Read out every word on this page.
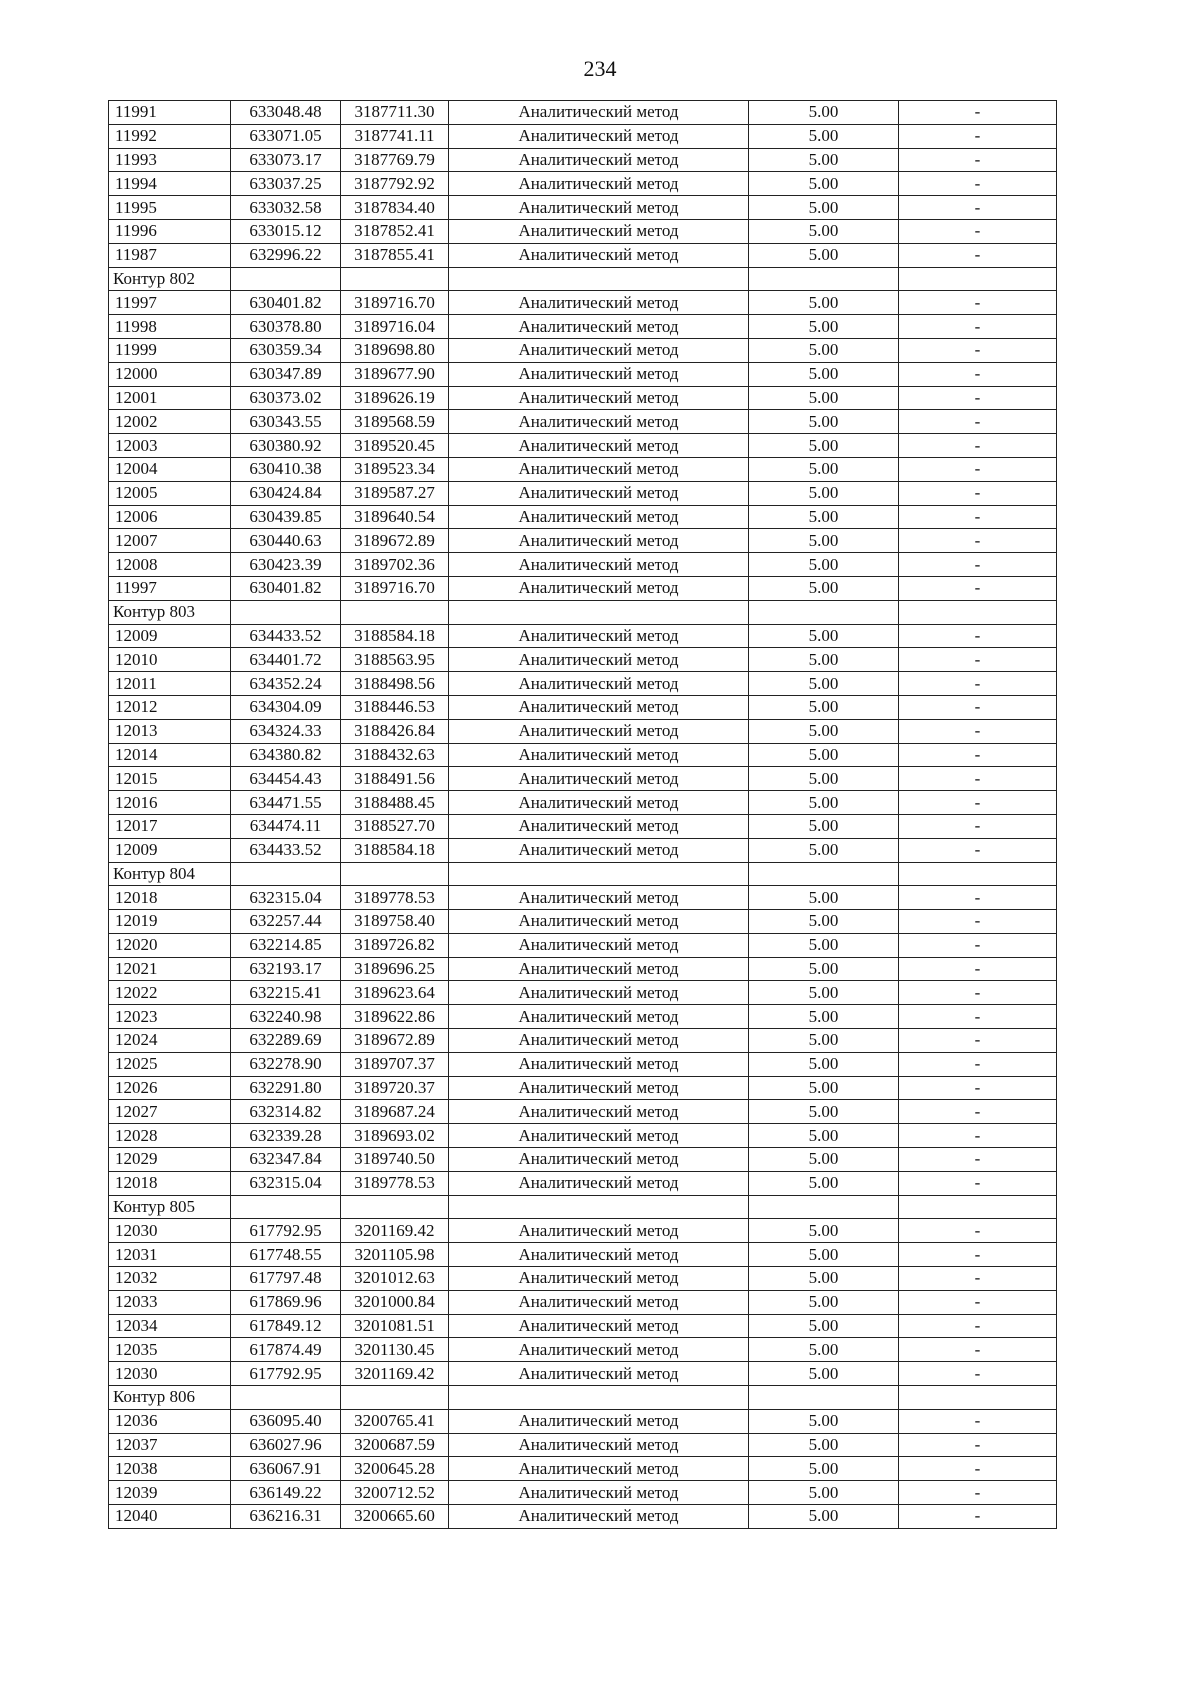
234
11991	633048.48	3187711.30	Аналитический метод	5.00	-
11992	633071.05	3187741.11	Аналитический метод	5.00	-
11993	633073.17	3187769.79	Аналитический метод	5.00	-
11994	633037.25	3187792.92	Аналитический метод	5.00	-
11995	633032.58	3187834.40	Аналитический метод	5.00	-
11996	633015.12	3187852.41	Аналитический метод	5.00	-
11987	632996.22	3187855.41	Аналитический метод	5.00	-
Контур 802					
11997	630401.82	3189716.70	Аналитический метод	5.00	-
11998	630378.80	3189716.04	Аналитический метод	5.00	-
11999	630359.34	3189698.80	Аналитический метод	5.00	-
12000	630347.89	3189677.90	Аналитический метод	5.00	-
12001	630373.02	3189626.19	Аналитический метод	5.00	-
12002	630343.55	3189568.59	Аналитический метод	5.00	-
12003	630380.92	3189520.45	Аналитический метод	5.00	-
12004	630410.38	3189523.34	Аналитический метод	5.00	-
12005	630424.84	3189587.27	Аналитический метод	5.00	-
12006	630439.85	3189640.54	Аналитический метод	5.00	-
12007	630440.63	3189672.89	Аналитический метод	5.00	-
12008	630423.39	3189702.36	Аналитический метод	5.00	-
11997	630401.82	3189716.70	Аналитический метод	5.00	-
Контур 803					
12009	634433.52	3188584.18	Аналитический метод	5.00	-
12010	634401.72	3188563.95	Аналитический метод	5.00	-
12011	634352.24	3188498.56	Аналитический метод	5.00	-
12012	634304.09	3188446.53	Аналитический метод	5.00	-
12013	634324.33	3188426.84	Аналитический метод	5.00	-
12014	634380.82	3188432.63	Аналитический метод	5.00	-
12015	634454.43	3188491.56	Аналитический метод	5.00	-
12016	634471.55	3188488.45	Аналитический метод	5.00	-
12017	634474.11	3188527.70	Аналитический метод	5.00	-
12009	634433.52	3188584.18	Аналитический метод	5.00	-
Контур 804					
12018	632315.04	3189778.53	Аналитический метод	5.00	-
12019	632257.44	3189758.40	Аналитический метод	5.00	-
12020	632214.85	3189726.82	Аналитический метод	5.00	-
12021	632193.17	3189696.25	Аналитический метод	5.00	-
12022	632215.41	3189623.64	Аналитический метод	5.00	-
12023	632240.98	3189622.86	Аналитический метод	5.00	-
12024	632289.69	3189672.89	Аналитический метод	5.00	-
12025	632278.90	3189707.37	Аналитический метод	5.00	-
12026	632291.80	3189720.37	Аналитический метод	5.00	-
12027	632314.82	3189687.24	Аналитический метод	5.00	-
12028	632339.28	3189693.02	Аналитический метод	5.00	-
12029	632347.84	3189740.50	Аналитический метод	5.00	-
12018	632315.04	3189778.53	Аналитический метод	5.00	-
Контур 805					
12030	617792.95	3201169.42	Аналитический метод	5.00	-
12031	617748.55	3201105.98	Аналитический метод	5.00	-
12032	617797.48	3201012.63	Аналитический метод	5.00	-
12033	617869.96	3201000.84	Аналитический метод	5.00	-
12034	617849.12	3201081.51	Аналитический метод	5.00	-
12035	617874.49	3201130.45	Аналитический метод	5.00	-
12030	617792.95	3201169.42	Аналитический метод	5.00	-
Контур 806					
12036	636095.40	3200765.41	Аналитический метод	5.00	-
12037	636027.96	3200687.59	Аналитический метод	5.00	-
12038	636067.91	3200645.28	Аналитический метод	5.00	-
12039	636149.22	3200712.52	Аналитический метод	5.00	-
12040	636216.31	3200665.60	Аналитический метод	5.00	-
